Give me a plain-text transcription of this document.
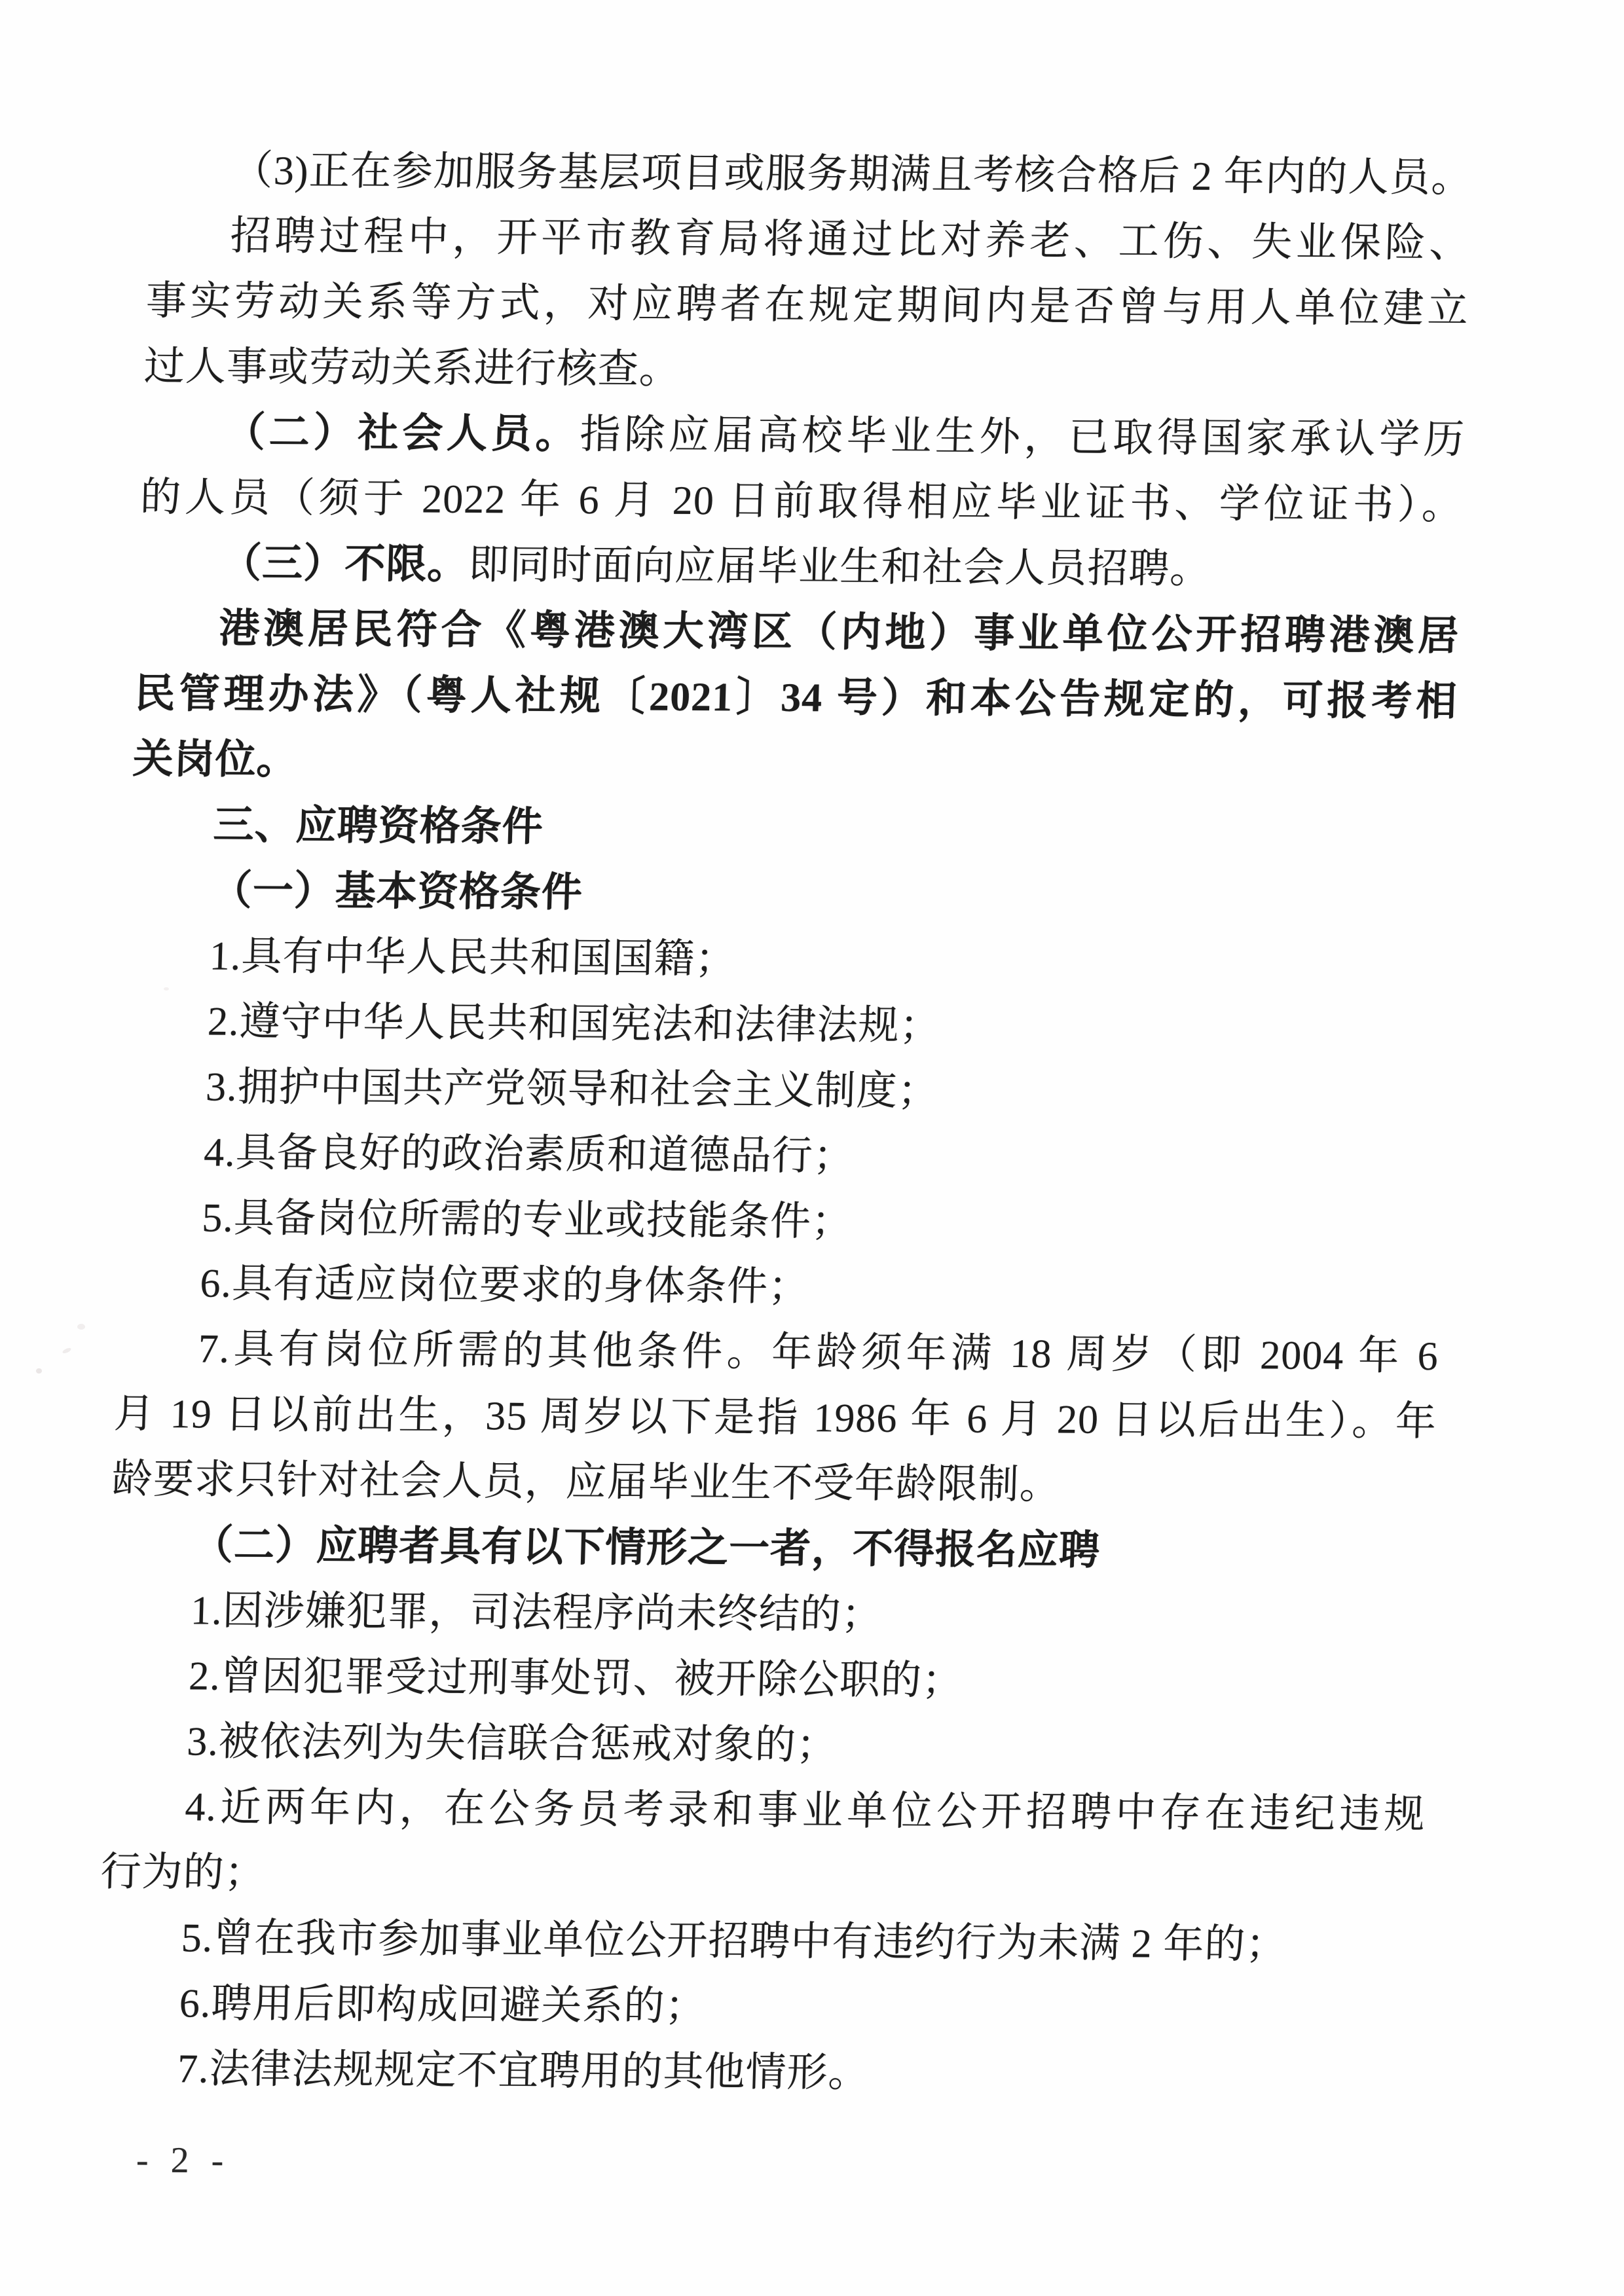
（3)正在参加服务基层项目或服务期满且考核合格后 2 年内的人员。
招聘过程中，开平市教育局将通过比对养老、工伤、失业保险、
事实劳动关系等方式，对应聘者在规定期间内是否曾与用人单位建立
过人事或劳动关系进行核查。
（二）社会人员。指除应届高校毕业生外，已取得国家承认学历
的人员（须于 2022 年 6 月 20 日前取得相应毕业证书、学位证书）。
（三）不限。即同时面向应届毕业生和社会人员招聘。
港澳居民符合《粤港澳大湾区（内地）事业单位公开招聘港澳居
民管理办法》（粤人社规〔2021〕34 号）和本公告规定的，可报考相
关岗位。
三、应聘资格条件
（一）基本资格条件
1.具有中华人民共和国国籍；
2.遵守中华人民共和国宪法和法律法规；
3.拥护中国共产党领导和社会主义制度；
4.具备良好的政治素质和道德品行；
5.具备岗位所需的专业或技能条件；
6.具有适应岗位要求的身体条件；
7.具有岗位所需的其他条件。年龄须年满 18 周岁（即 2004 年 6
月 19 日以前出生，35 周岁以下是指 1986 年 6 月 20 日以后出生）。年
龄要求只针对社会人员，应届毕业生不受年龄限制。
（二）应聘者具有以下情形之一者，不得报名应聘
1.因涉嫌犯罪，司法程序尚未终结的；
2.曾因犯罪受过刑事处罚、被开除公职的；
3.被依法列为失信联合惩戒对象的；
4.近两年内，在公务员考录和事业单位公开招聘中存在违纪违规
行为的；
5.曾在我市参加事业单位公开招聘中有违约行为未满 2 年的；
6.聘用后即构成回避关系的；
7.法律法规规定不宜聘用的其他情形。
- 2 -
